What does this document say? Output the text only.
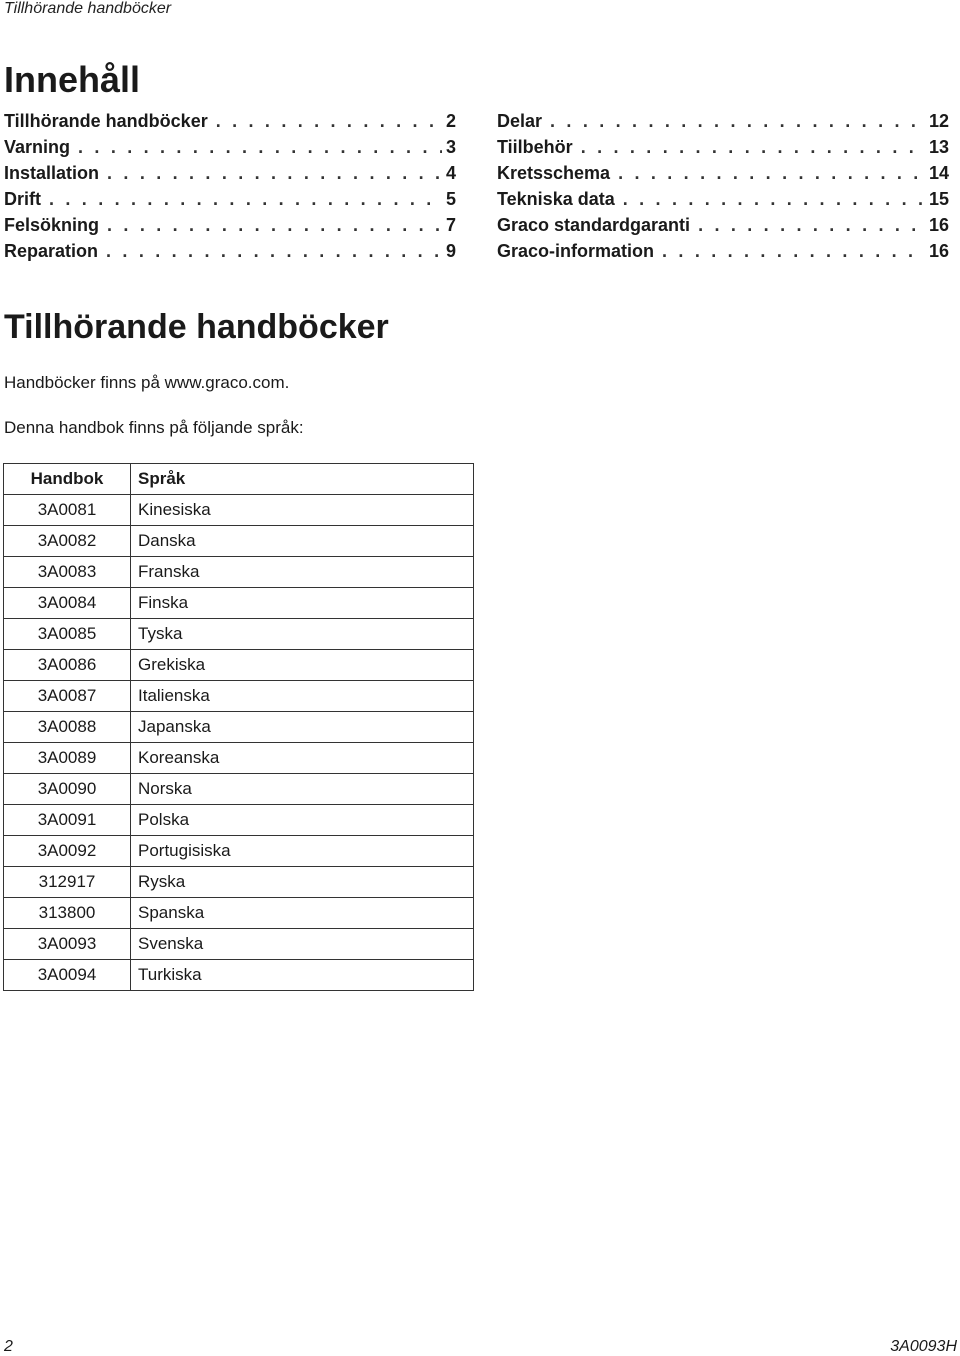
Tillhörande handböcker
Innehåll
Tillhörande handböcker . . .	2
Varning . . .	3
Installation . . .	4
Drift . . .	5
Felsökning . . .	7
Reparation . . .	9
Delar . . .	12
Tiilbehör . . .	13
Kretsschema . . .	14
Tekniska data . . .	15
Graco standardgaranti . . .	16
Graco-information . . .	16
Tillhörande handböcker

Handböcker finns på www.graco.com.

Denna handbok finns på följande språk:

Handbok	Språk
3A0081	Kinesiska
3A0082	Danska
3A0083	Franska
3A0084	Finska
3A0085	Tyska
3A0086	Grekiska
3A0087	Italienska
3A0088	Japanska
3A0089	Koreanska
3A0090	Norska
3A0091	Polska
3A0092	Portugisiska
312917	Ryska
313800	Spanska
3A0093	Svenska
3A0094	Turkiska
2	3A0093H
